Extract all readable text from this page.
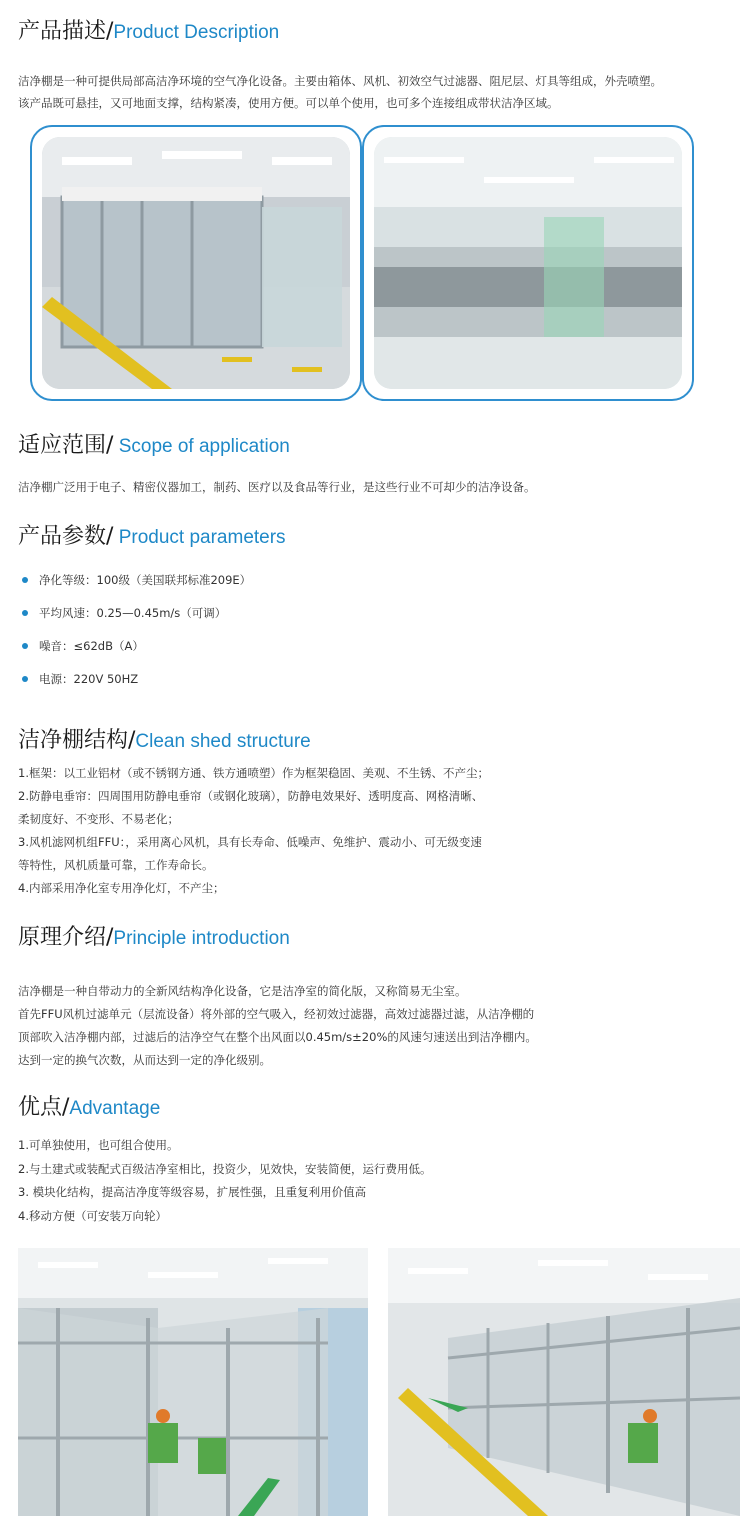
产品描述/Product Description
洁净棚是一种可提供局部高洁净环境的空气净化设备。主要由箱体、风机、初效空气过滤器、阻尼层、灯具等组成，外壳喷塑。
该产品既可悬挂，又可地面支撑，结构紧凑，使用方便。可以单个使用，也可多个连接组成带状洁净区域。
适应范围/ Scope of application
洁净棚广泛用于电子、精密仪器加工，制药、医疗以及食品等行业，是这些行业不可却少的洁净设备。
产品参数/ Product parameters
净化等级：100级（美国联邦标准209E）
平均风速：0.25—0.45m/s（可调）
噪音：≤62dB（A）
电源：220V 50HZ
洁净棚结构/Clean shed structure
1.框架：以工业铝材（或不锈钢方通、铁方通喷塑）作为框架稳固、美观、不生锈、不产尘；
2.防静电垂帘：四周围用防静电垂帘（或钢化玻璃），防静电效果好、透明度高、网格清晰、
柔韧度好、不变形、不易老化；
3.风机滤网机组FFU：，采用离心风机，具有长寿命、低噪声、免维护、震动小、可无级变速
等特性，风机质量可靠，工作寿命长。
4.内部采用净化室专用净化灯，不产尘；
原理介绍/Principle introduction
洁净棚是一种自带动力的全新风结构净化设备，它是洁净室的简化版，又称简易无尘室。
首先FFU风机过滤单元（层流设备）将外部的空气吸入，经初效过滤器，高效过滤器过滤，从洁净棚的
顶部吹入洁净棚内部，过滤后的洁净空气在整个出风面以0.45m/s±20%的风速匀速送出到洁净棚内。
达到一定的换气次数，从而达到一定的净化级别。
优点/Advantage
1.可单独使用，也可组合使用。
2.与土建式或装配式百级洁净室相比，投资少，见效快，安装简便，运行费用低。
3. 模块化结构，提高洁净度等级容易，扩展性强，且重复利用价值高
4.移动方便（可安装万向轮）
